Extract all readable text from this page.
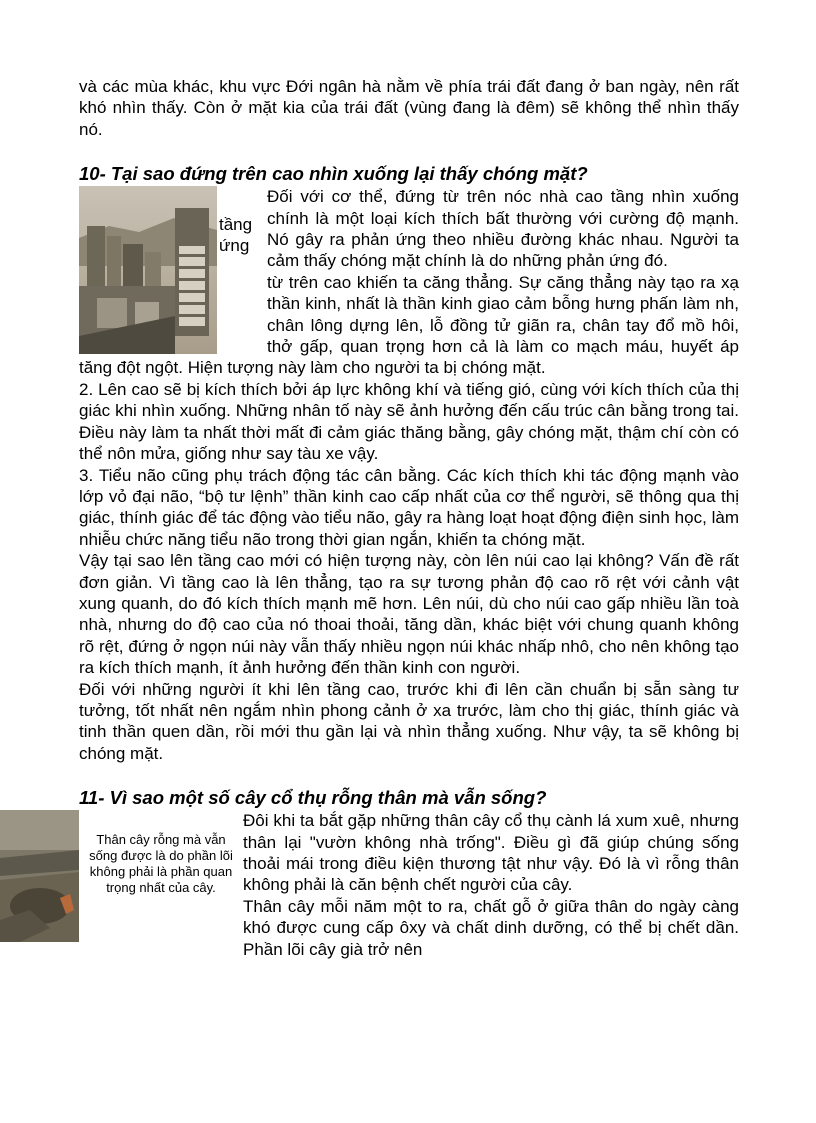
và các mùa khác, khu vực Đới ngân hà nằm về phía trái đất đang ở ban ngày, nên rất khó nhìn thấy. Còn ở mặt kia của trái đất (vùng đang là đêm) sẽ không thể nhìn thấy nó.

10- Tại sao đứng trên cao nhìn xuống lại thấy chóng mặt?
tầng
ứng

Đối với cơ thể, đứng từ trên nóc nhà cao tầng nhìn xuống chính là một loại kích thích bất thường với cường độ mạnh. Nó gây ra phản ứng theo nhiều đường khác nhau. Người ta cảm thấy chóng mặt chính là do những phản ứng đó.

từ trên cao khiến ta căng thẳng. Sự căng thẳng này tạo ra xạ thần kinh, nhất là thần kinh giao cảm bỗng hưng phấn làm nh, chân lông dựng lên, lỗ đồng tử giãn ra, chân tay đổ mồ hôi, thở gấp, quan trọng hơn cả là làm co mạch máu, huyết áp tăng đột ngột. Hiện tượng này làm cho người ta bị chóng mặt.

2. Lên cao sẽ bị kích thích bởi áp lực không khí và tiếng gió, cùng với kích thích của thị giác khi nhìn xuống. Những nhân tố này sẽ ảnh hưởng đến cấu trúc cân bằng trong tai. Điều này làm ta nhất thời mất đi cảm giác thăng bằng, gây chóng mặt, thậm chí còn có thể nôn mửa, giống như say tàu xe vậy.

3. Tiểu não cũng phụ trách động tác cân bằng. Các kích thích khi tác động mạnh vào lớp vỏ đại não, “bộ tư lệnh” thần kinh cao cấp nhất của cơ thể người, sẽ thông qua thị giác, thính giác để tác động vào tiểu não, gây ra hàng loạt hoạt động điện sinh học, làm nhiễu chức năng tiểu não trong thời gian ngắn, khiến ta chóng mặt.

Vậy tại sao lên tầng cao mới có hiện tượng này, còn lên núi cao lại không? Vấn đề rất đơn giản. Vì tầng cao là lên thẳng, tạo ra sự tương phản độ cao rõ rệt với cảnh vật xung quanh, do đó kích thích mạnh mẽ hơn. Lên núi, dù cho núi cao gấp nhiều lần toà nhà, nhưng do độ cao của nó thoai thoải, tăng dần, khác biệt với chung quanh không rõ rệt, đứng ở ngọn núi này vẫn thấy nhiều ngọn núi khác nhấp nhô, cho nên không tạo ra kích thích mạnh, ít ảnh hưởng đến thần kinh con người.

Đối với những người ít khi lên tầng cao, trước khi đi lên cần chuẩn bị sẵn sàng tư tưởng, tốt nhất nên ngắm nhìn phong cảnh ở xa trước, làm cho thị giác, thính giác và tinh thần quen dần, rồi mới thu gần lại và nhìn thẳng xuống. Như vậy, ta sẽ không bị chóng mặt.

11- Vì sao một số cây cổ thụ rỗng thân mà vẫn sống?
Thân cây rỗng mà vẫn sống được là do phần lõi không phải là phần quan trọng nhất của cây.

Đôi khi ta bắt gặp những thân cây cổ thụ cành lá xum xuê, nhưng thân lại "vườn không nhà trống". Điều gì đã giúp chúng sống thoải mái trong điều kiện thương tật như vậy. Đó là vì rỗng thân không phải là căn bệnh chết người của cây.

Thân cây mỗi năm một to ra, chất gỗ ở giữa thân do ngày càng khó được cung cấp ôxy và chất dinh dưỡng, có thể bị chết dần. Phần lõi cây già trở nên
